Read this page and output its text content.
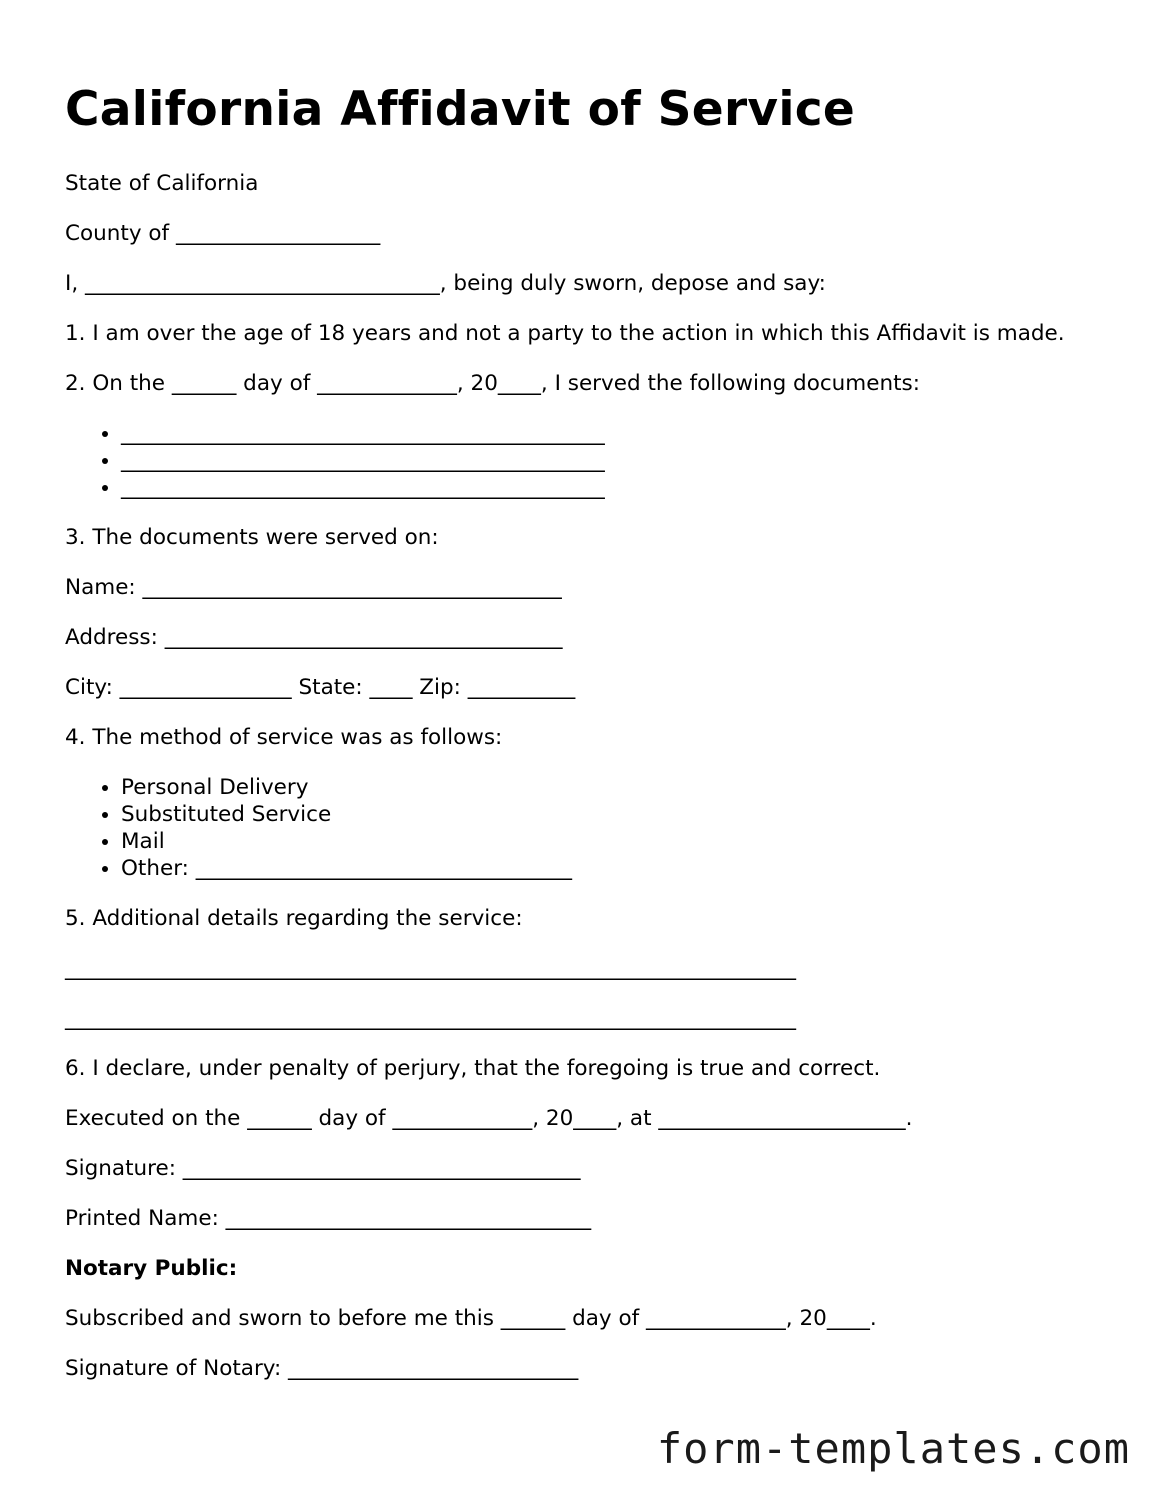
California Affidavit of Service

State of California

County of ___________________

I, _________________________________, being duly sworn, depose and say:

1. I am over the age of 18 years and not a party to the action in which this Affidavit is made.

2. On the ______ day of _____________, 20____, I served the following documents:

• _____________________________________________
• _____________________________________________
• _____________________________________________

3. The documents were served on:

Name: _______________________________________

Address: _____________________________________

City: ________________ State: ____ Zip: __________

4. The method of service was as follows:

• Personal Delivery
• Substituted Service
• Mail
• Other: ___________________________________

5. Additional details regarding the service:

____________________________________________________________________

____________________________________________________________________

6. I declare, under penalty of perjury, that the foregoing is true and correct.

Executed on the ______ day of _____________, 20____, at _______________________.

Signature: _____________________________________

Printed Name: __________________________________

Notary Public:

Subscribed and sworn to before me this ______ day of _____________, 20____.

Signature of Notary: ___________________________

form-templates.com
